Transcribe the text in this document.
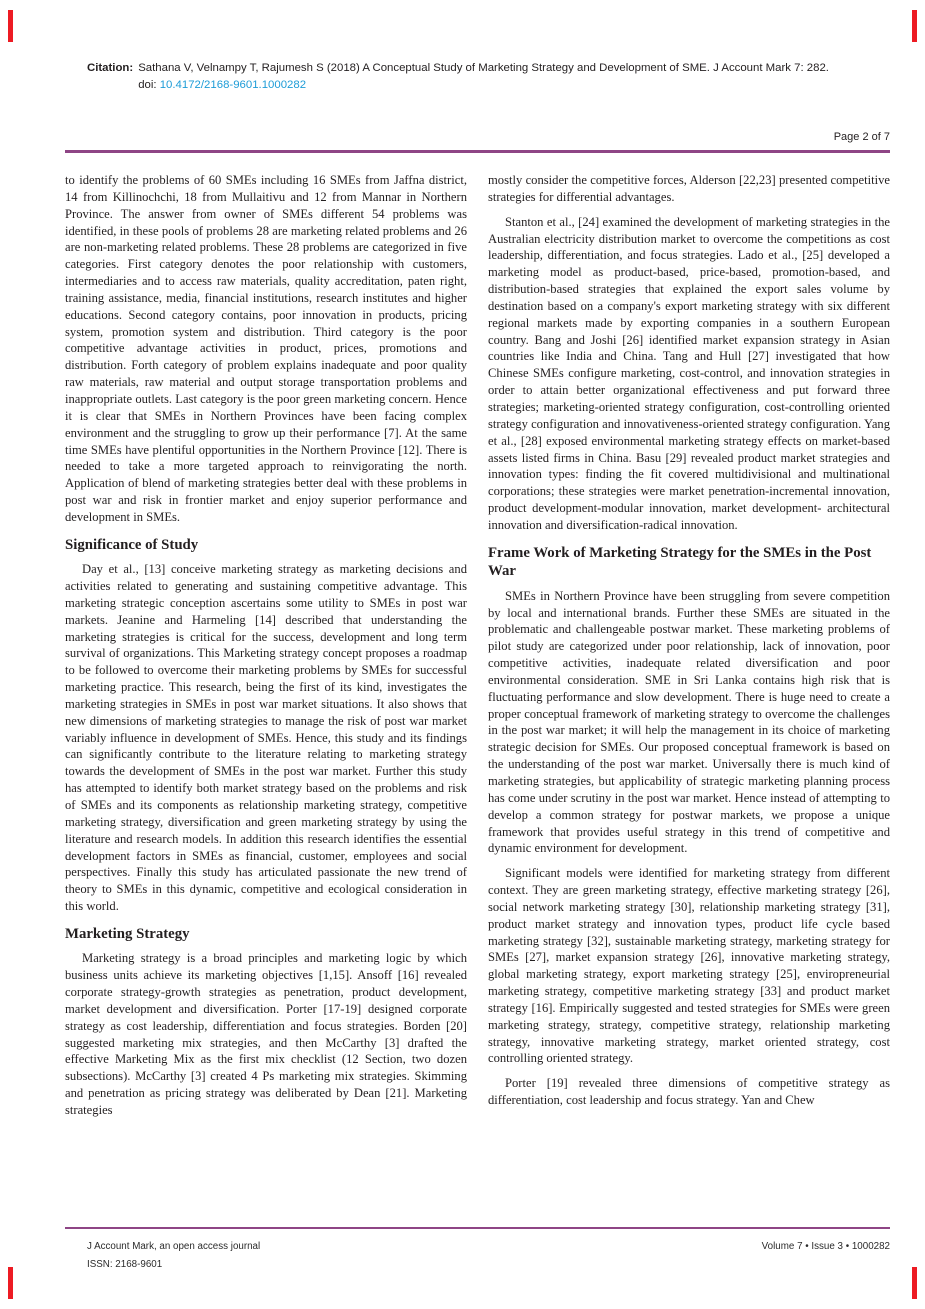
Citation: Sathana V, Velnampy T, Rajumesh S (2018) A Conceptual Study of Marketing Strategy and Development of SME. J Account Mark 7: 282.
doi: 10.4172/2168-9601.1000282
Page 2 of 7

to identify the problems of 60 SMEs including 16 SMEs from Jaffna district, 14 from Killinochchi, 18 from Mullaitivu and 12 from Mannar in Northern Province. The answer from owner of SMEs different 54 problems was identified, in these pools of problems 28 are marketing related problems and 26 are non-marketing related problems. These 28 problems are categorized in five categories. First category denotes the poor relationship with customers, intermediaries and to access raw materials, quality accreditation, paten right, training assistance, media, financial institutions, research institutes and higher educations. Second category contains, poor innovation in products, pricing system, promotion system and distribution. Third category is the poor competitive advantage activities in product, prices, promotions and distribution. Forth category of problem explains inadequate and poor quality raw materials, raw material and output storage transportation problems and inappropriate outlets. Last category is the poor green marketing concern. Hence it is clear that SMEs in Northern Provinces have been facing complex environment and the struggling to grow up their performance [7]. At the same time SMEs have plentiful opportunities in the Northern Province [12]. There is needed to take a more targeted approach to reinvigorating the north. Application of blend of marketing strategies better deal with these problems in post war and risk in frontier market and enjoy superior performance and development in SMEs.

Significance of Study

Day et al., [13] conceive marketing strategy as marketing decisions and activities related to generating and sustaining competitive advantage. This marketing strategic conception ascertains some utility to SMEs in post war markets. Jeanine and Harmeling [14] described that understanding the marketing strategies is critical for the success, development and long term survival of organizations. This Marketing strategy concept proposes a roadmap to be followed to overcome their marketing problems by SMEs for successful marketing practice. This research, being the first of its kind, investigates the marketing strategies in SMEs in post war market situations. It also shows that new dimensions of marketing strategies to manage the risk of post war market variably influence in development of SMEs. Hence, this study and its findings can significantly contribute to the literature relating to marketing strategy towards the development of SMEs in the post war market. Further this study has attempted to identify both market strategy based on the problems and risk of SMEs and its components as relationship marketing strategy, competitive marketing strategy, diversification and green marketing strategy by using the literature and research models. In addition this research identifies the essential development factors in SMEs as financial, customer, employees and social perspectives. Finally this study has articulated passionate the new trend of theory to SMEs in this dynamic, competitive and ecological consideration in this world.

Marketing Strategy

Marketing strategy is a broad principles and marketing logic by which business units achieve its marketing objectives [1,15]. Ansoff [16] revealed corporate strategy-growth strategies as penetration, product development, market development and diversification. Porter [17-19] designed corporate strategy as cost leadership, differentiation and focus strategies. Borden [20] suggested marketing mix strategies, and then McCarthy [3] drafted the effective Marketing Mix as the first mix checklist (12 Section, two dozen subsections). McCarthy [3] created 4 Ps marketing mix strategies. Skimming and penetration as pricing strategy was deliberated by Dean [21]. Marketing strategies

mostly consider the competitive forces, Alderson [22,23] presented competitive strategies for differential advantages.

Stanton et al., [24] examined the development of marketing strategies in the Australian electricity distribution market to overcome the competitions as cost leadership, differentiation, and focus strategies. Lado et al., [25] developed a marketing model as product-based, price-based, promotion-based, and distribution-based strategies that explained the export sales volume by destination based on a company's export marketing strategy with six different regional markets made by exporting companies in a southern European country. Bang and Joshi [26] identified market expansion strategy in Asian countries like India and China. Tang and Hull [27] investigated that how Chinese SMEs configure marketing, cost-control, and innovation strategies in order to attain better organizational effectiveness and put forward three strategies; marketing-oriented strategy configuration, cost-controlling oriented strategy configuration and innovativeness-oriented strategy configuration. Yang et al., [28] exposed environmental marketing strategy effects on market-based assets listed firms in China. Basu [29] revealed product market strategies and innovation types: finding the fit covered multidivisional and multinational corporations; these strategies were market penetration-incremental innovation, product development-modular innovation, market development- architectural innovation and diversification-radical innovation.

Frame Work of Marketing Strategy for the SMEs in the Post War

SMEs in Northern Province have been struggling from severe competition by local and international brands. Further these SMEs are situated in the problematic and challengeable postwar market. These marketing problems of pilot study are categorized under poor relationship, lack of innovation, poor competitive activities, inadequate related diversification and poor environmental consideration. SME in Sri Lanka contains high risk that is fluctuating performance and slow development. There is huge need to create a proper conceptual framework of marketing strategy to overcome the challenges in the post war market; it will help the management in its choice of marketing strategic decision for SMEs. Our proposed conceptual framework is based on the understanding of the post war market. Universally there is much kind of marketing strategies, but applicability of strategic marketing planning process has come under scrutiny in the post war market. Hence instead of attempting to develop a common strategy for postwar markets, we propose a unique framework that provides useful strategy in this trend of competitive and dynamic environment for development.

Significant models were identified for marketing strategy from different context. They are green marketing strategy, effective marketing strategy [26], social network marketing strategy [30], relationship marketing strategy [31], product market strategy and innovation types, product life cycle based marketing strategy [32], sustainable marketing strategy, marketing strategy for SMEs [27], market expansion strategy [26], innovative marketing strategy, global marketing strategy, export marketing strategy [25], enviropreneurial marketing strategy, competitive marketing strategy [33] and product market strategy [16]. Empirically suggested and tested strategies for SMEs were green marketing strategy, strategy, competitive strategy, relationship marketing strategy, innovative marketing strategy, market oriented strategy, cost controlling oriented strategy.

Porter [19] revealed three dimensions of competitive strategy as differentiation, cost leadership and focus strategy. Yan and Chew

J Account Mark, an open access journal
ISSN: 2168-9601
Volume 7 • Issue 3 • 1000282
